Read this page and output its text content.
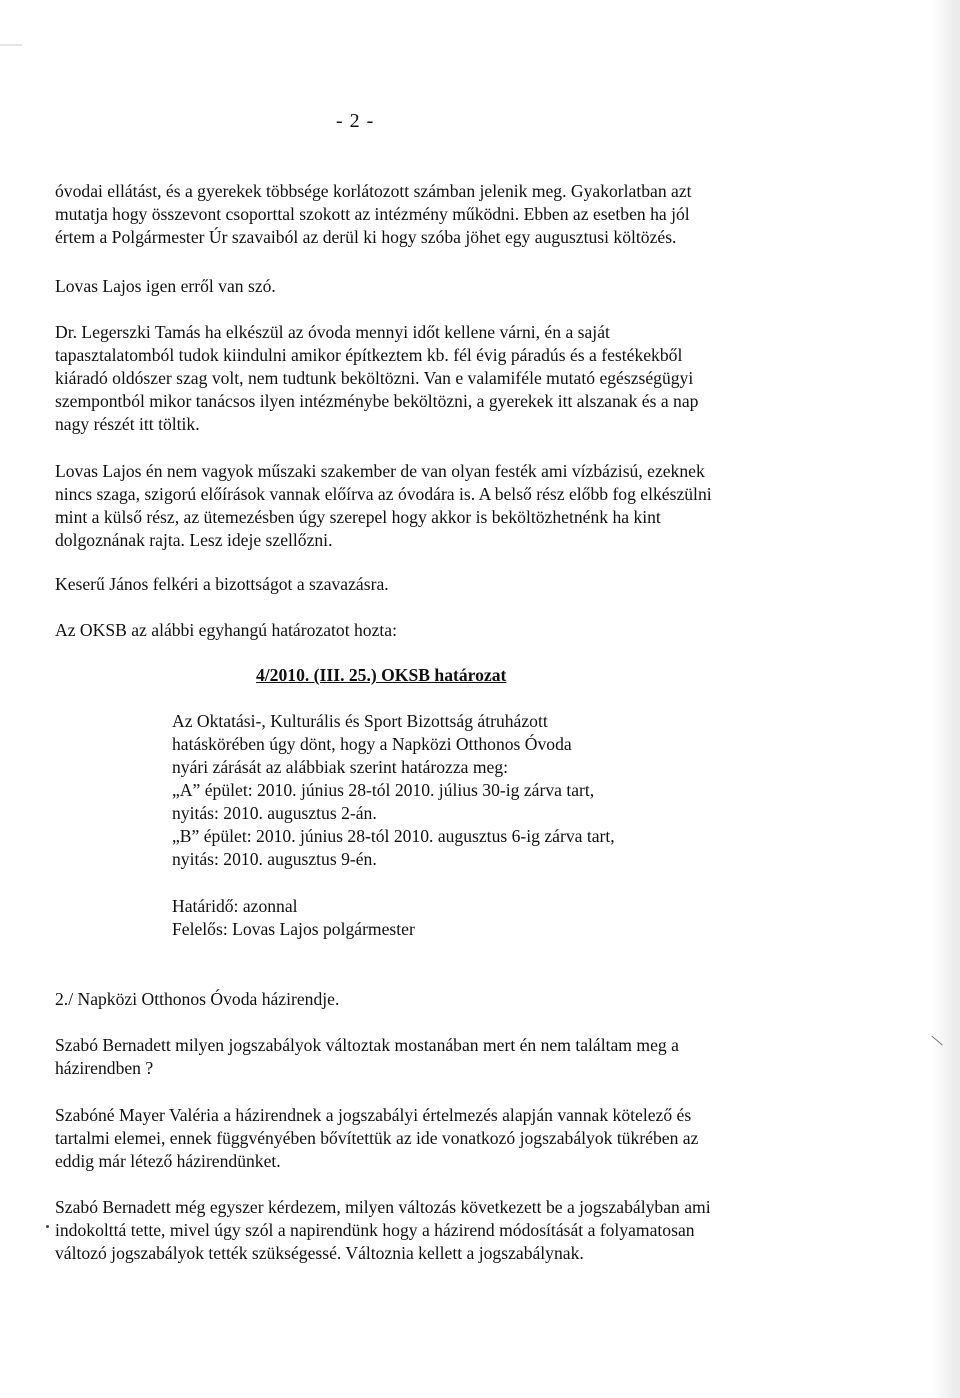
- 2 -
óvodai ellátást, és a gyerekek többsége korlátozott számban jelenik meg. Gyakorlatban azt
mutatja hogy összevont csoporttal szokott az intézmény működni. Ebben az esetben ha jól
értem a Polgármester Úr szavaiból az derül ki hogy szóba jöhet egy augusztusi költözés.
Lovas Lajos igen erről van szó.
Dr. Legerszki Tamás ha elkészül az óvoda mennyi időt kellene várni, én a saját
tapasztalatomból tudok kiindulni amikor építkeztem kb. fél évig páradús és a festékekből
kiáradó oldószer szag volt, nem tudtunk beköltözni. Van e valamiféle mutató egészségügyi
szempontból mikor tanácsos ilyen intézménybe beköltözni, a gyerekek itt alszanak és a nap
nagy részét itt töltik.
Lovas Lajos én nem vagyok műszaki szakember de van olyan festék ami vízbázisú, ezeknek
nincs szaga, szigorú előírások vannak előírva az óvodára is. A belső rész előbb fog elkészülni
mint a külső rész, az ütemezésben úgy szerepel hogy akkor is beköltözhetnénk ha kint
dolgoznának rajta. Lesz ideje szellőzni.
Keserű János felkéri a bizottságot a szavazásra.
Az OKSB az alábbi egyhangú határozatot hozta:
4/2010. (III. 25.) OKSB határozat
Az Oktatási-, Kulturális és Sport Bizottság átruházott
hatáskörében úgy dönt, hogy a Napközi Otthonos Óvoda
nyári zárását az alábbiak szerint határozza meg:
„A” épület: 2010. június 28-tól 2010. július 30-ig zárva tart,
nyitás: 2010. augusztus 2-án.
„B” épület: 2010. június 28-tól 2010. augusztus 6-ig zárva tart,
nyitás: 2010. augusztus 9-én.
Határidő: azonnal
Felelős: Lovas Lajos polgármester
2./ Napközi Otthonos Óvoda házirendje.
Szabó Bernadett milyen jogszabályok változtak mostanában mert én nem találtam meg a
házirendben ?
Szabóné Mayer Valéria a házirendnek a jogszabályi értelmezés alapján vannak kötelező és
tartalmi elemei, ennek függvényében bővítettük az ide vonatkozó jogszabályok tükrében az
eddig már létező házirendünket.
Szabó Bernadett még egyszer kérdezem, milyen változás következett be a jogszabályban ami
indokolttá tette, mivel úgy szól a napirendünk hogy a házirend módosítását a folyamatosan
változó jogszabályok tették szükségessé. Változnia kellett a jogszabálynak.
